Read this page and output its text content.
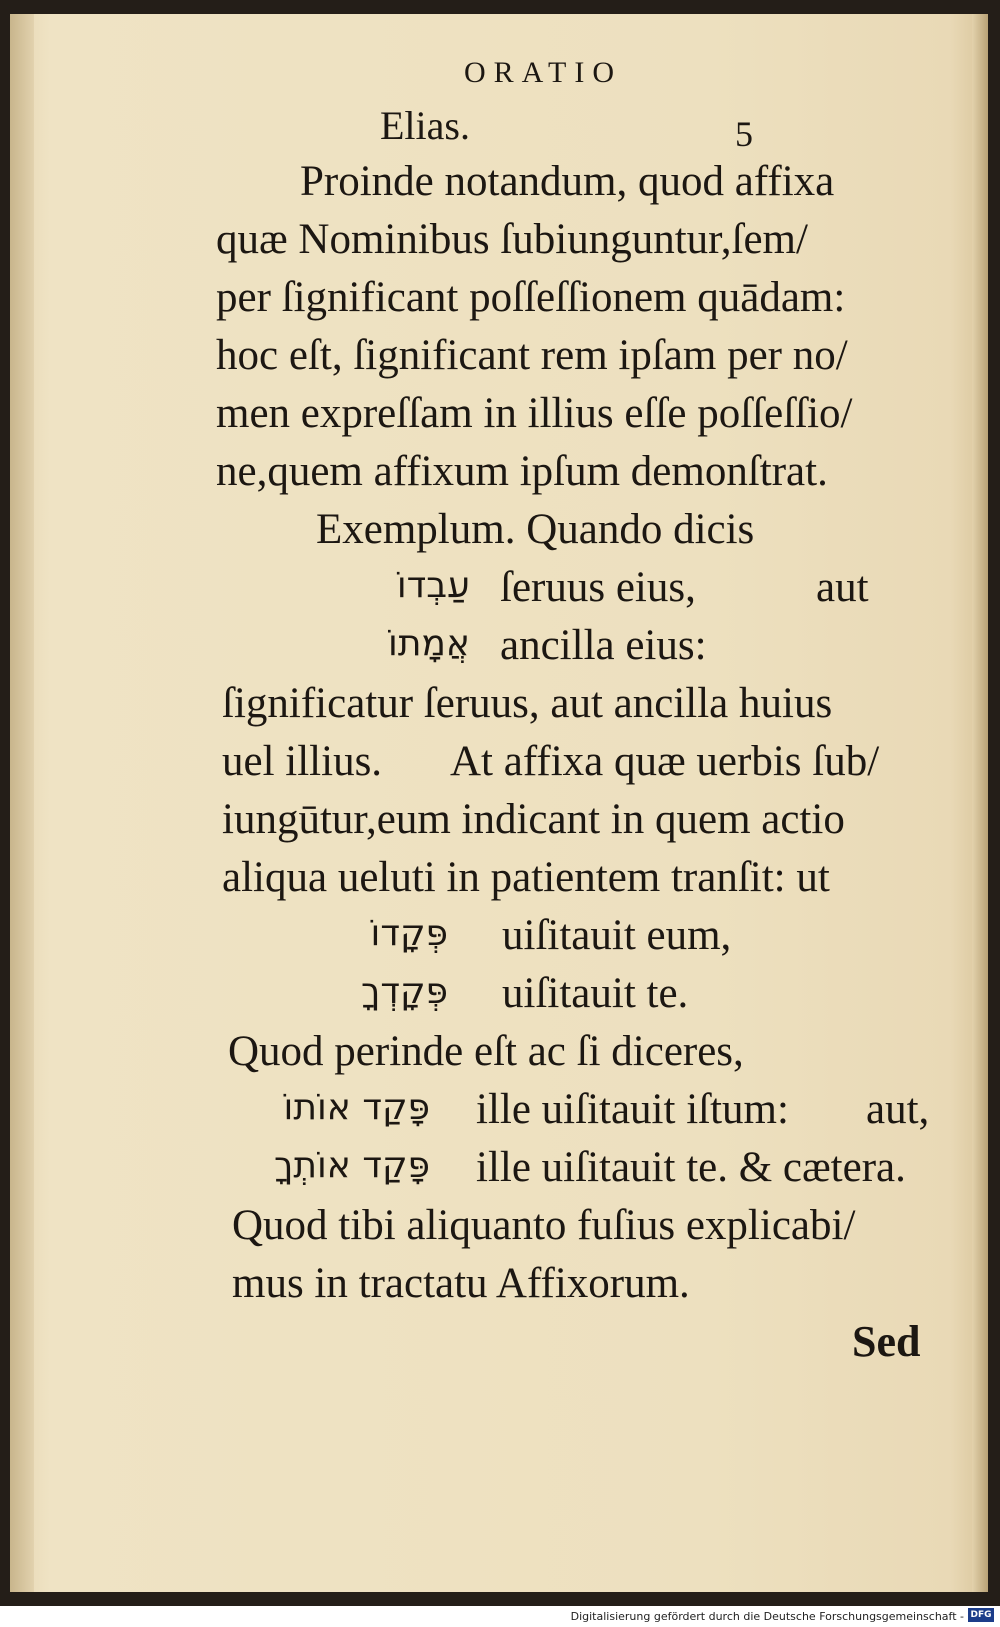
ORATIO
Elias.	5
Proinde notandum, quod affixa
quæ Nominibus ſubiunguntur,ſem/
per ſignificant poſſeſſionem quādam:
hoc eſt, ſignificant rem ipſam per no/
men expreſſam in illius eſſe poſſeſſio/
ne,quem affixum ipſum demonſtrat.
Exemplum. Quando dicis
עַבְדוֹ ſeruus eius,	aut
אֲמָתוֹ ancilla eius:
ſignificatur ſeruus, aut ancilla huius
uel illius. At affixa quæ uerbis ſub/
iungūtur,eum indicant in quem actio
aliqua ueluti in patientem tranſit: ut
פְּקָדוֹ uiſitauit eum,
פְּקָדְךָ uiſitauit te.
Quod perinde eſt ac ſi diceres,
פָּקַד אוֹתוֹ ille uiſitauit iſtum: aut,
פָּקַד אוֹתְךָ ille uiſitauit te. & cætera.
Quod tibi aliquanto fuſius explicabi/
mus in tractatu Affixorum.
Sed
Digitalisierung gefördert durch die Deutsche Forschungsgemeinschaft - DFG
